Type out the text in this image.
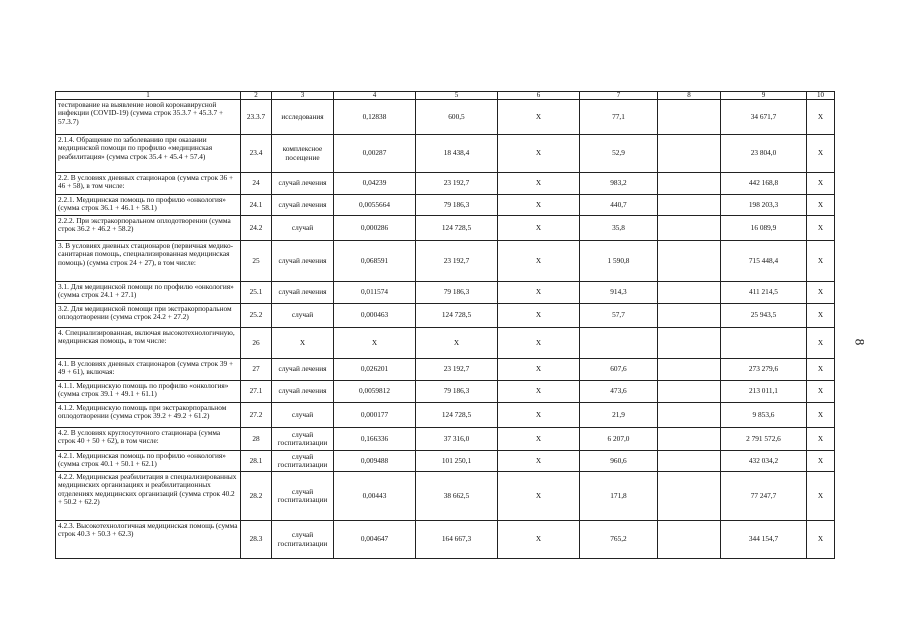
1	2	3	4	5	6	7	8	9	10
тестирование на выявление новой коронавирусной инфекции (COVID-19) (сумма строк 35.3.7 + 45.3.7 + 57.3.7)	23.3.7	исследования	0,12838	600,5	X	77,1		34 671,7	X
2.1.4. Обращение по заболеванию при оказании медицинской помощи по профилю «медицинская реабилитация» (сумма строк 35.4 + 45.4 + 57.4)	23.4	комплексное посещение	0,00287	18 438,4	X	52,9		23 804,0	X
2.2. В условиях дневных стационаров (сумма строк 36 + 46 + 58), в том числе:	24	случай лечения	0,04239	23 192,7	X	983,2		442 168,8	X
2.2.1. Медицинская помощь по профилю «онкология» (сумма строк 36.1 + 46.1 + 58.1)	24.1	случай лечения	0,0055664	79 186,3	X	440,7		198 203,3	X
2.2.2. При экстракорпоральном оплодотворении (сумма строк 36.2 + 46.2 + 58.2)	24.2	случай	0,000286	124 728,5	X	35,8		16 089,9	X
3. В условиях дневных стационаров (первичная медико-санитарная помощь, специализированная медицинская помощь) (сумма строк 24 + 27), в том числе:	25	случай лечения	0,068591	23 192,7	X	1 590,8		715 448,4	X
3.1. Для медицинской помощи по профилю «онкология» (сумма строк 24.1 + 27.1)	25.1	случай лечения	0,011574	79 186,3	X	914,3		411 214,5	X
3.2. Для медицинской помощи при экстракорпоральном оплодотворении (сумма строк 24.2 + 27.2)	25.2	случай	0,000463	124 728,5	X	57,7		25 943,5	X
4. Специализированная, включая высокотехнологичную, медицинская помощь, в том числе:	26	X	X	X	X				X
4.1. В условиях дневных стационаров (сумма строк 39 + 49 + 61), включая:	27	случай лечения	0,026201	23 192,7	X	607,6		273 279,6	X
4.1.1. Медицинскую помощь по профилю «онкология» (сумма строк 39.1 + 49.1 + 61.1)	27.1	случай лечения	0,0059812	79 186,3	X	473,6		213 011,1	X
4.1.2. Медицинскую помощь при экстракорпоральном оплодотворении (сумма строк 39.2 + 49.2 + 61.2)	27.2	случай	0,000177	124 728,5	X	21,9		9 853,6	X
4.2. В условиях круглосуточного стационара (сумма строк 40 + 50 + 62), в том числе:	28	случай госпитализации	0,166336	37 316,0	X	6 207,0		2 791 572,6	X
4.2.1. Медицинская помощь по профилю «онкология» (сумма строк 40.1 + 50.1 + 62.1)	28.1	случай госпитализации	0,009488	101 250,1	X	960,6		432 034,2	X
4.2.2. Медицинская реабилитация в специализированных медицинских организациях и реабилитационных отделениях медицинских организаций (сумма строк 40.2 + 50.2 + 62.2)	28.2	случай госпитализации	0,00443	38 662,5	X	171,8		77 247,7	X
4.2.3. Высокотехнологичная медицинская помощь (сумма строк 40.3 + 50.3 + 62.3)	28.3	случай госпитализации	0,004647	164 667,3	X	765,2		344 154,7	X
8
